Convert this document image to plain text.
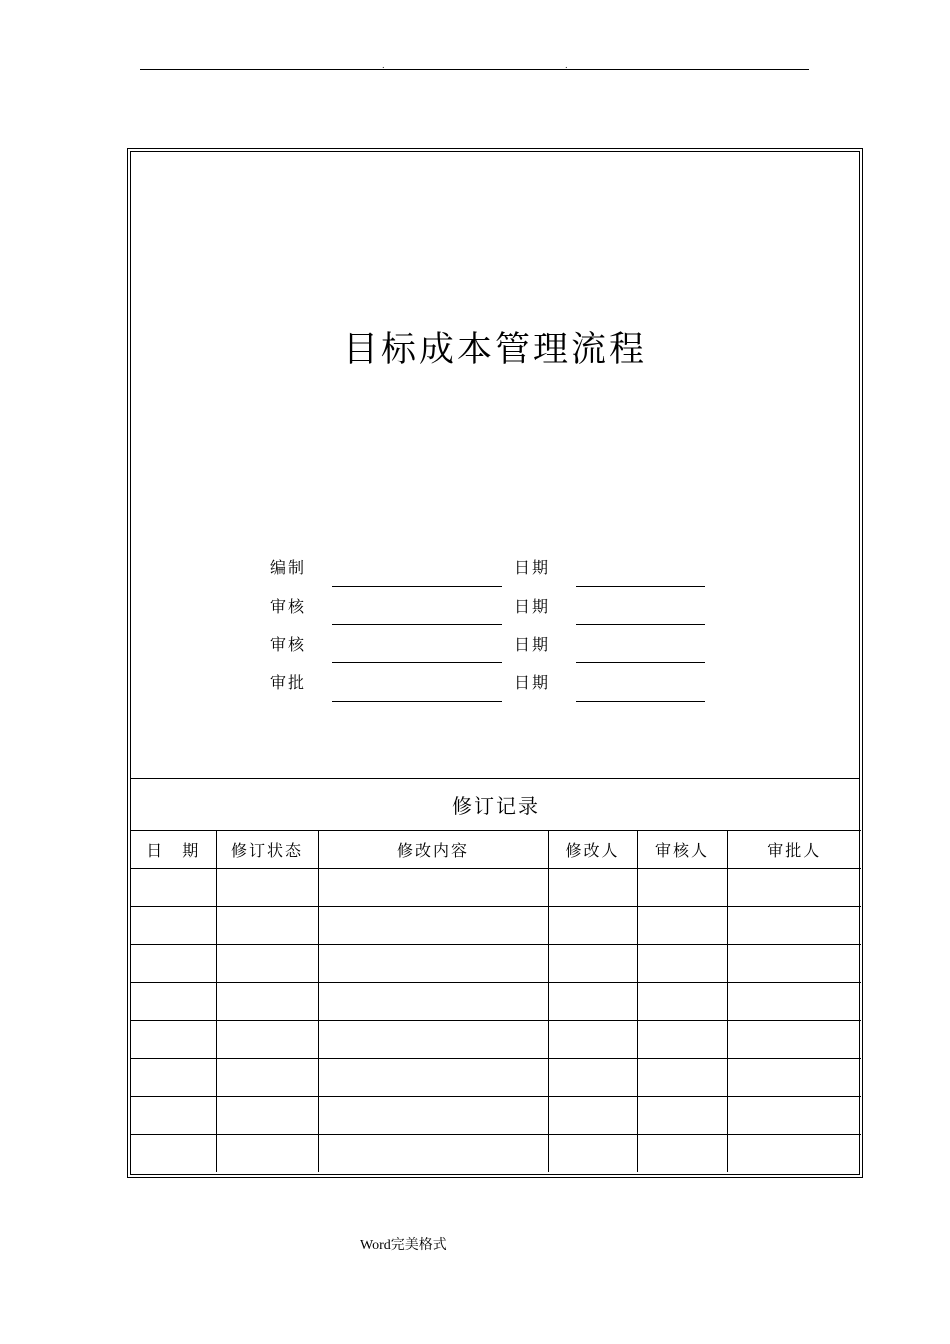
.	.
目标成本管理流程
编制	日期
审核	日期
审核	日期
审批	日期
修订记录					
日　期	修订状态	修改内容	修改人	审核人	审批人

Word完美格式
